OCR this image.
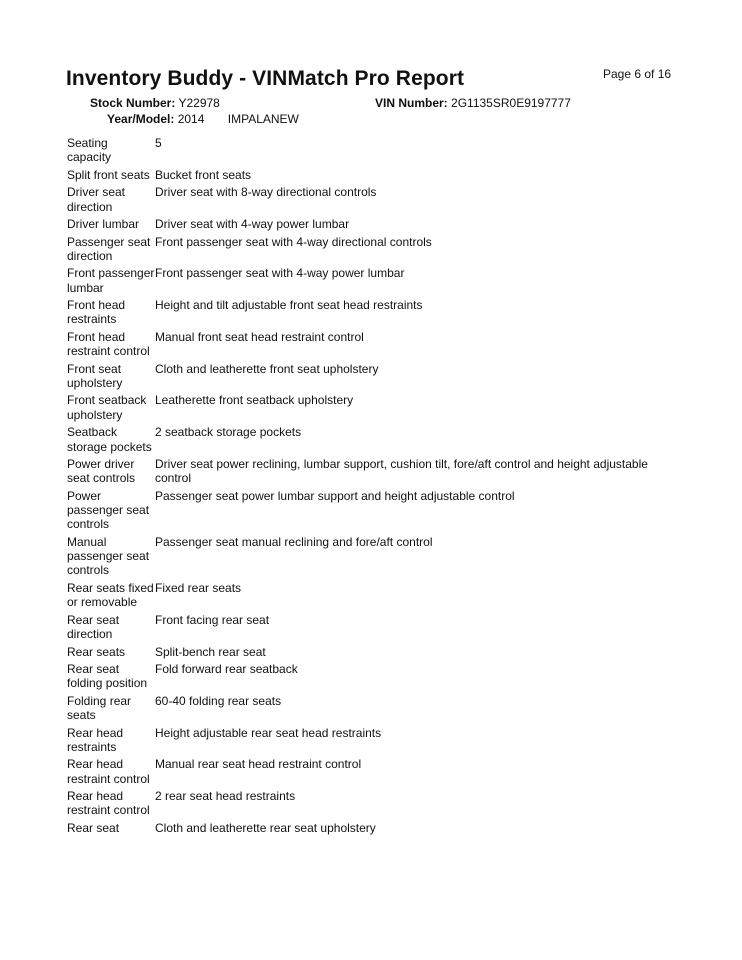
Page 6 of 16
Inventory Buddy - VINMatch Pro Report
Stock Number: Y22978	VIN Number: 2G1135SR0E9197777
Year/Model: 2014 IMPALANEW
Seating capacity	5
Split front seats	Bucket front seats
Driver seat direction	Driver seat with 8-way directional controls
Driver lumbar	Driver seat with 4-way power lumbar
Passenger seat direction	Front passenger seat with 4-way directional controls
Front passenger lumbar	Front passenger seat with 4-way power lumbar
Front head restraints	Height and tilt adjustable front seat head restraints
Front head restraint control	Manual front seat head restraint control
Front seat upholstery	Cloth and leatherette front seat upholstery
Front seatback upholstery	Leatherette front seatback upholstery
Seatback storage pockets	2 seatback storage pockets
Power driver seat controls	Driver seat power reclining, lumbar support, cushion tilt, fore/aft control and height adjustable control
Power passenger seat controls	Passenger seat power lumbar support and height adjustable control
Manual passenger seat controls	Passenger seat manual reclining and fore/aft control
Rear seats fixed or removable	Fixed rear seats
Rear seat direction	Front facing rear seat
Rear seats	Split-bench rear seat
Rear seat folding position	Fold forward rear seatback
Folding rear seats	60-40 folding rear seats
Rear head restraints	Height adjustable rear seat head restraints
Rear head restraint control	Manual rear seat head restraint control
Rear head restraint control	2 rear seat head restraints
Rear seat	Cloth and leatherette rear seat upholstery
